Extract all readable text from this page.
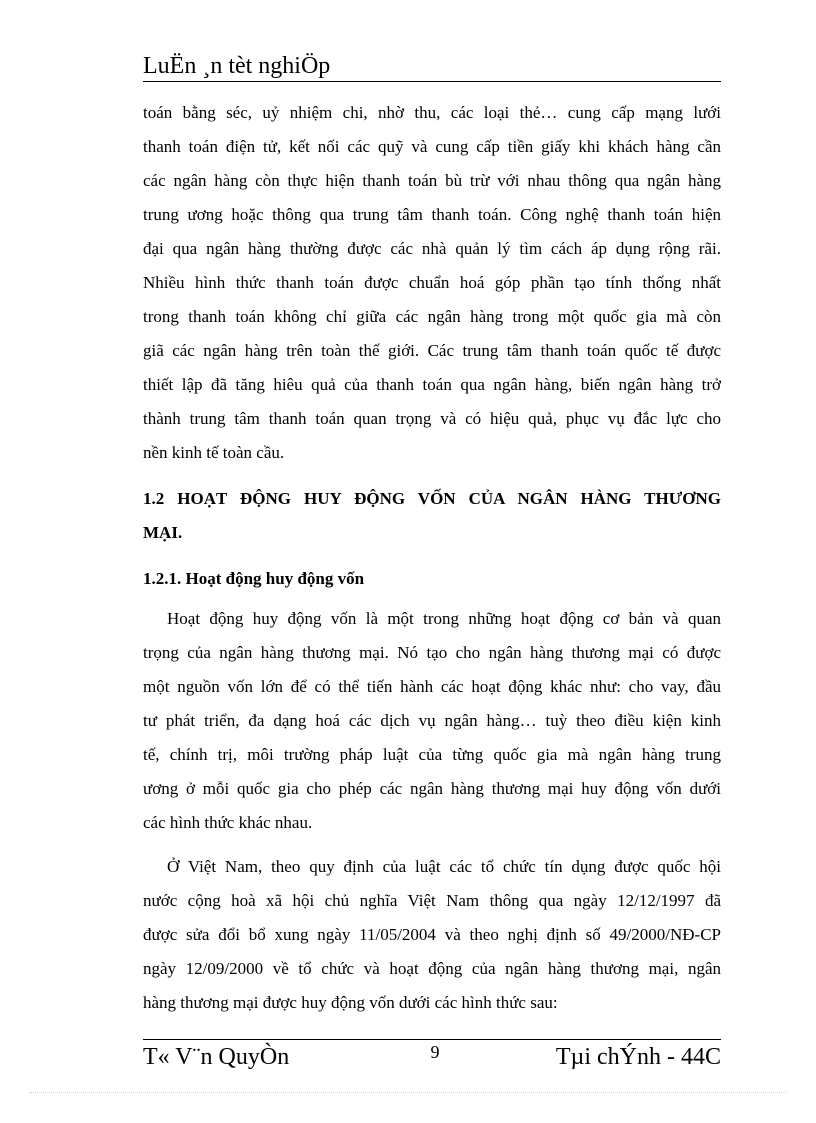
LuËn ¸n tèt nghiÖp
toán bằng séc, uỷ nhiệm chi, nhờ thu, các loại thẻ… cung cấp mạng lưới
thanh toán điện tử, kết nối các quỹ và cung cấp tiền giấy khi khách hàng cần
các ngân hàng còn thực hiện thanh toán bù trừ với nhau thông qua ngân hàng
trung ương hoặc thông qua trung tâm thanh toán. Công nghệ thanh toán hiện
đại qua ngân hàng thường được các nhà quản lý tìm cách áp dụng rộng rãi.
Nhiều hình thức thanh toán được chuẩn hoá góp phần tạo tính thống nhất
trong thanh toán không chỉ giữa các ngân hàng trong một quốc gia mà còn
giã các ngân hàng trên toàn thế giới. Các trung tâm thanh toán quốc tế được
thiết lập đã tăng hiêu quả của thanh toán qua ngân hàng, biến ngân hàng trở
thành trung tâm thanh toán quan trọng và có hiệu quả, phục vụ đắc lực cho
nền kinh tế toàn cầu.
1.2 HOẠT ĐỘNG HUY ĐỘNG VỐN CỦA NGÂN HÀNG THƯƠNG
MẠI.
1.2.1. Hoạt động huy động vốn
Hoạt động huy động vốn là một trong những hoạt động cơ bản và quan
trọng của ngân hàng thương mại. Nó tạo cho ngân hàng thương mại có được
một nguồn vốn lớn để có thể tiến hành các hoạt động khác như: cho vay, đầu
tư phát triển, đa dạng hoá các dịch vụ ngân hàng… tuỳ theo điều kiện kinh
tế, chính trị, môi trường pháp luật của từng quốc gia mà ngân hàng trung
ương ở mỗi quốc gia cho phép các ngân hàng thương mại huy động vốn dưới
các hình thức khác nhau.
Ở Việt Nam, theo quy định của luật các tổ chức tín dụng được quốc hội
nước cộng hoà xã hội chủ nghĩa Việt Nam thông qua ngày 12/12/1997 đã
được sửa đổi bổ xung ngày 11/05/2004 và theo nghị định số 49/2000/NĐ-CP
ngày 12/09/2000 về tổ chức và hoạt động của ngân hàng thương mại, ngân
hàng thương mại được huy động vốn dưới các hình thức sau:
T« V¨n QuyÒn	9	Tµi chÝnh - 44C
